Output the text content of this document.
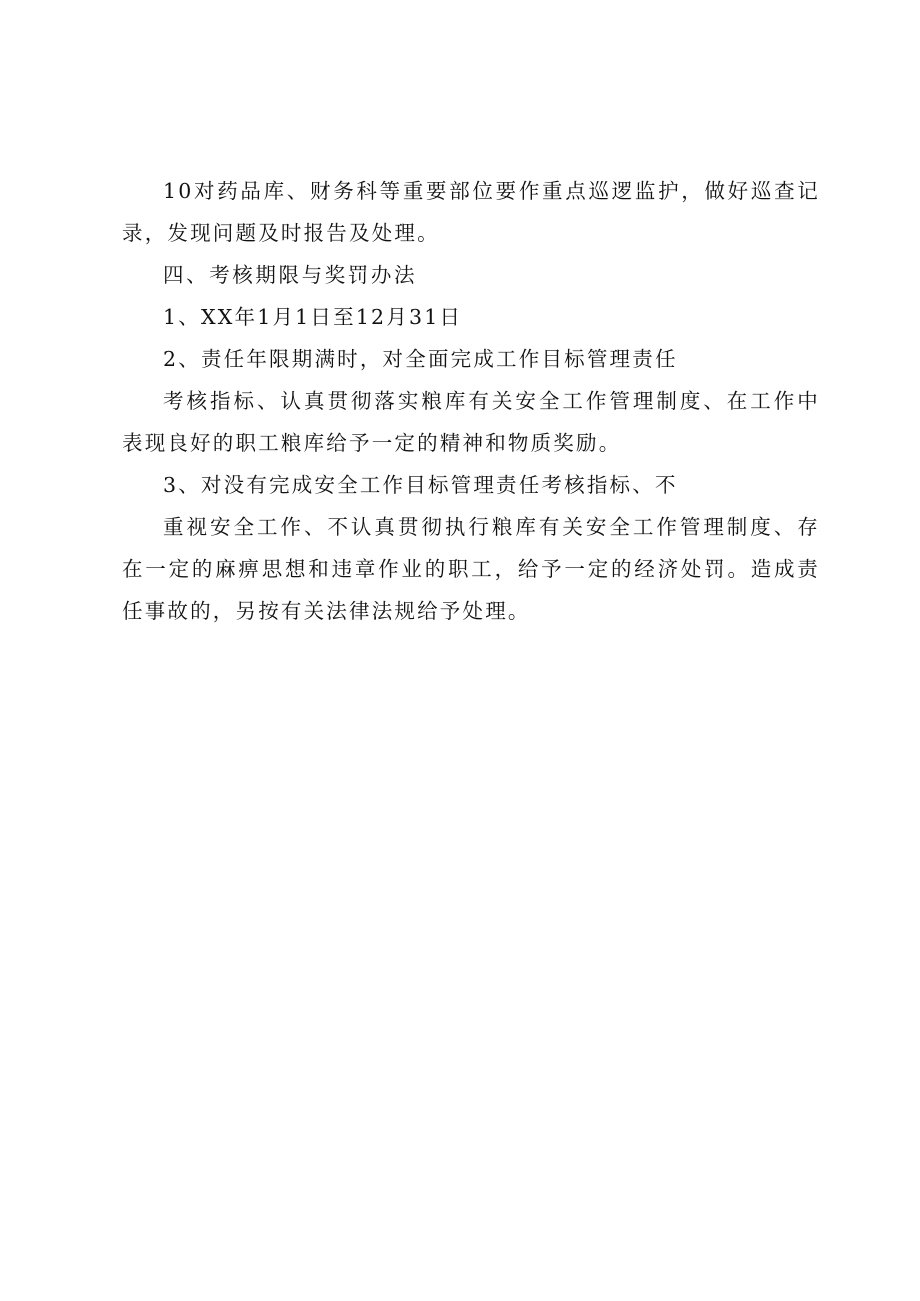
10对药品库、财务科等重要部位要作重点巡逻监护，做好巡查记录，发现问题及时报告及处理。

四、考核期限与奖罚办法

1、XX年1月1日至12月31日

2、责任年限期满时，对全面完成工作目标管理责任

考核指标、认真贯彻落实粮库有关安全工作管理制度、在工作中表现良好的职工粮库给予一定的精神和物质奖励。

3、对没有完成安全工作目标管理责任考核指标、不

重视安全工作、不认真贯彻执行粮库有关安全工作管理制度、存在一定的麻痹思想和违章作业的职工，给予一定的经济处罚。造成责任事故的，另按有关法律法规给予处理。
